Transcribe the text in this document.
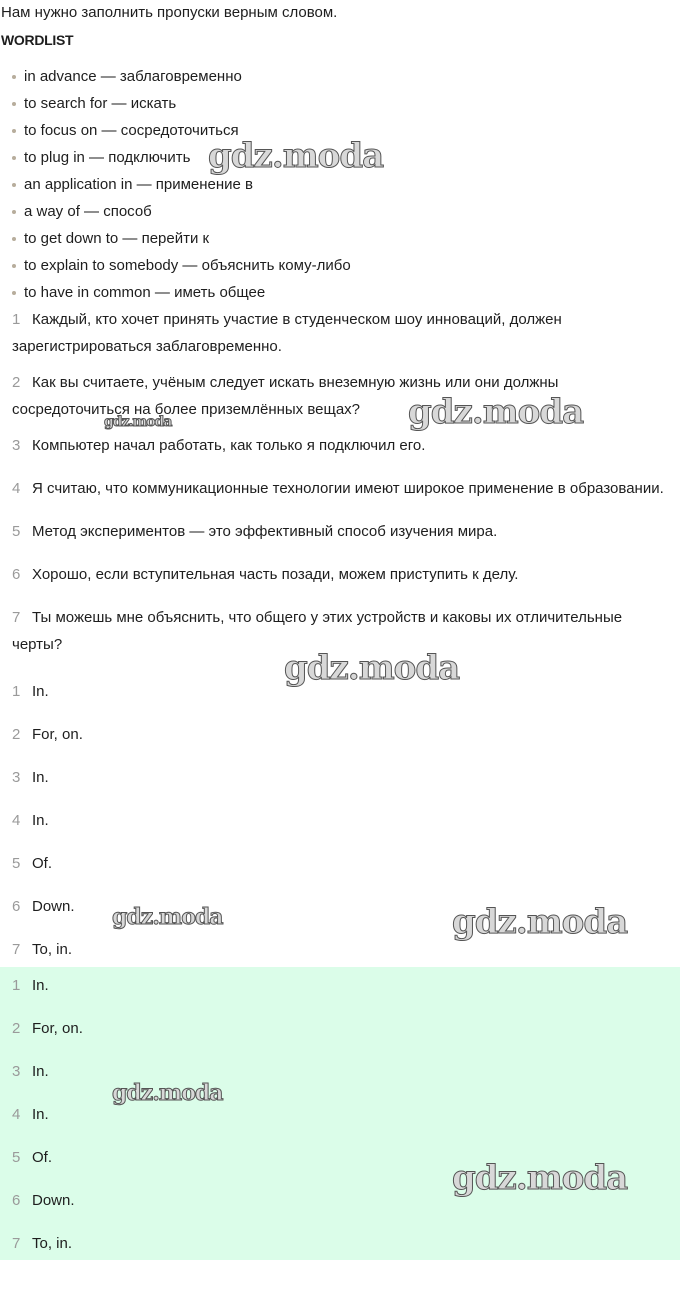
Нам нужно заполнить пропуски верным словом.
WORDLIST
in advance — заблаговременно
to search for — искать
to focus on — сосредоточиться
to plug in — подключить
an application in — применение в
a way of — способ
to get down to — перейти к
to explain to somebody — объяснить кому-либо
to have in common — иметь общее
1 Каждый, кто хочет принять участие в студенческом шоу инноваций, должен зарегистрироваться заблаговременно.
2 Как вы считаете, учёным следует искать внеземную жизнь или они должны сосредоточиться на более приземлённых вещах?
3 Компьютер начал работать, как только я подключил его.
4 Я считаю, что коммуникационные технологии имеют широкое применение в образовании.
5 Метод экспериментов — это эффективный способ изучения мира.
6 Хорошо, если вступительная часть позади, можем приступить к делу.
7 Ты можешь мне объяснить, что общего у этих устройств и каковы их отличительные черты?
1 In.
2 For, on.
3 In.
4 In.
5 Of.
6 Down.
7 To, in.
1 In.
2 For, on.
3 In.
4 In.
5 Of.
6 Down.
7 To, in.
gdz.moda
gdz.moda	gdz.moda
gdz.moda
gdz.moda	gdz.moda
gdz.moda
gdz.moda
